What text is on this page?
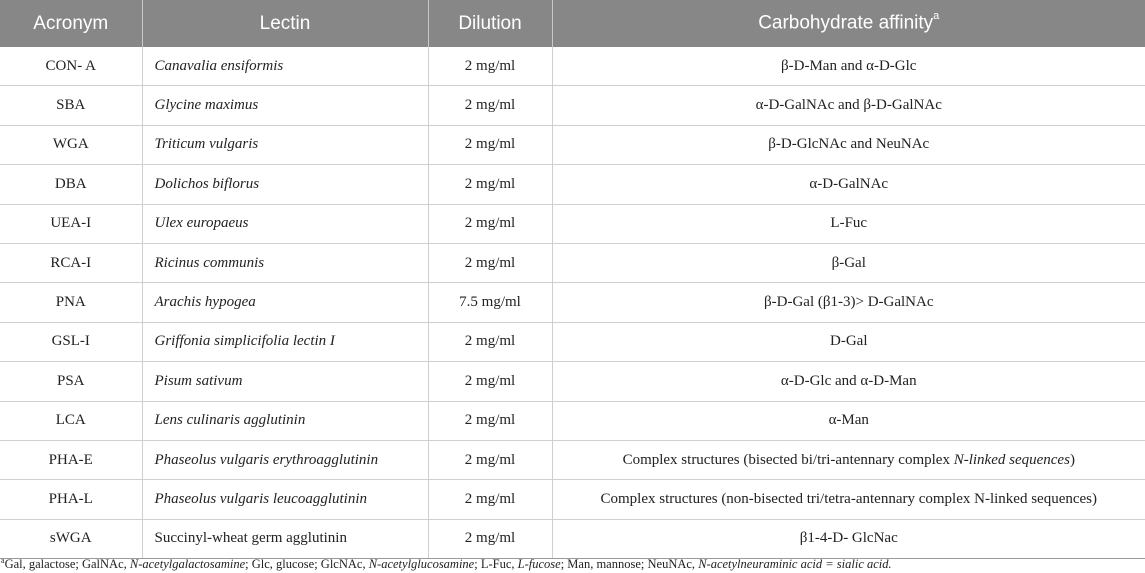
Acronym	Lectin	Dilution	Carbohydrate affinity$^a$
CON- A	Canavalia ensiformis	2 mg/ml	β-D-Man and α-D-Glc
SBA	Glycine maximus	2 mg/ml	α-D-GalNAc and β-D-GalNAc
WGA	Triticum vulgaris	2 mg/ml	β-D-GlcNAc and NeuNAc
DBA	Dolichos biflorus	2 mg/ml	α-D-GalNAc
UEA-I	Ulex europaeus	2 mg/ml	L-Fuc
RCA-I	Ricinus communis	2 mg/ml	β-Gal
PNA	Arachis hypogea	7.5 mg/ml	β-D-Gal (β1-3)> D-GalNAc
GSL-I	Griffonia simplicifolia lectin I	2 mg/ml	D-Gal
PSA	Pisum sativum	2 mg/ml	α-D-Glc and α-D-Man
LCA	Lens culinaris agglutinin	2 mg/ml	α-Man
PHA-E	Phaseolus vulgaris erythroagglutinin	2 mg/ml	Complex structures (bisected bi/tri-antennary complex N-linked sequences)
PHA-L	Phaseolus vulgaris leucoagglutinin	2 mg/ml	Complex structures (non-bisected tri/tetra-antennary complex N-linked sequences)
sWGA	Succinyl-wheat germ agglutinin	2 mg/ml	β1-4-D- GlcNac
$^a$Gal, galactose; GalNAc, N-acetylgalactosamine; Glc, glucose; GlcNAc, N-acetylglucosamine; L-Fuc, L-fucose; Man, mannose; NeuNAc, N-acetylneuraminic acid = sialic acid.
